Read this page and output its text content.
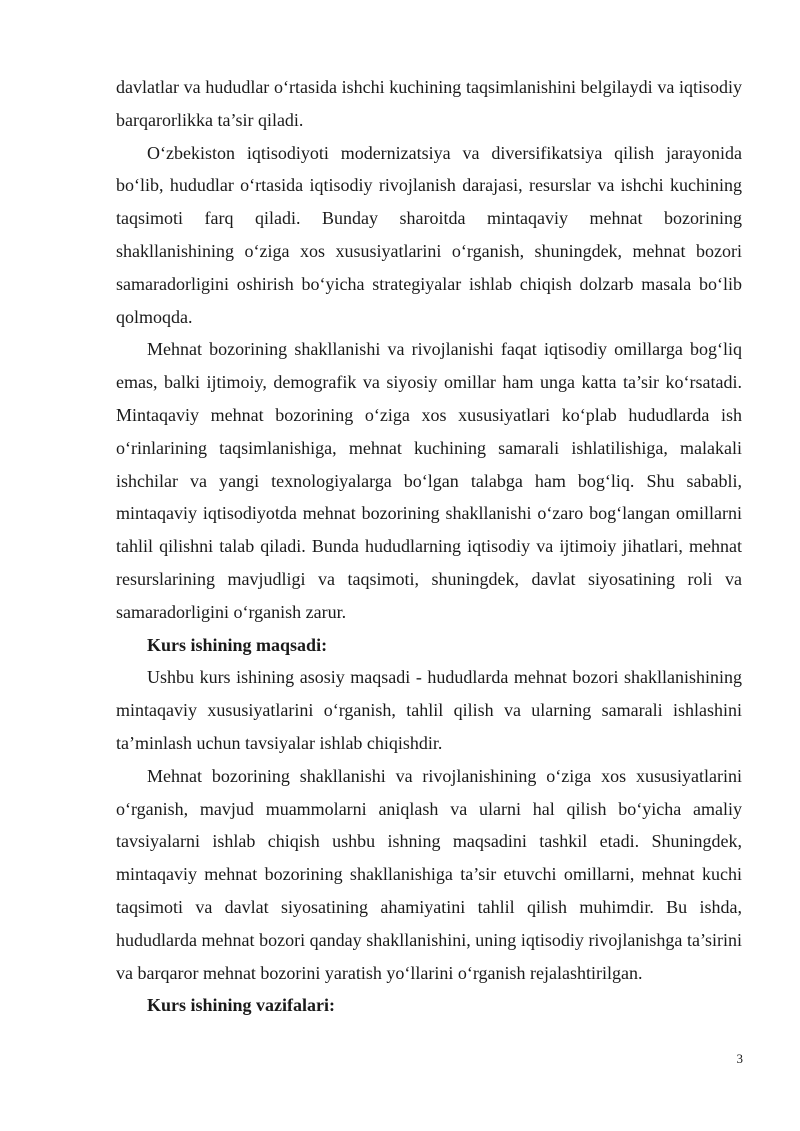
davlatlar va hududlar o‘rtasida ishchi kuchining taqsimlanishini belgilaydi va iqtisodiy barqarorlikka ta’sir qiladi.

O‘zbekiston iqtisodiyoti modernizatsiya va diversifikatsiya qilish jarayonida bo‘lib, hududlar o‘rtasida iqtisodiy rivojlanish darajasi, resurslar va ishchi kuchining taqsimoti farq qiladi. Bunday sharoitda mintaqaviy mehnat bozorining shakllanishining o‘ziga xos xususiyatlarini o‘rganish, shuningdek, mehnat bozori samaradorligini oshirish bo‘yicha strategiyalar ishlab chiqish dolzarb masala bo‘lib qolmoqda.

Mehnat bozorining shakllanishi va rivojlanishi faqat iqtisodiy omillarga bog‘liq emas, balki ijtimoiy, demografik va siyosiy omillar ham unga katta ta’sir ko‘rsatadi. Mintaqaviy mehnat bozorining o‘ziga xos xususiyatlari ko‘plab hududlarda ish o‘rinlarining taqsimlanishiga, mehnat kuchining samarali ishlatilishiga, malakali ishchilar va yangi texnologiyalarga bo‘lgan talabga ham bog‘liq. Shu sababli, mintaqaviy iqtisodiyotda mehnat bozorining shakllanishi o‘zaro bog‘langan omillarni tahlil qilishni talab qiladi. Bunda hududlarning iqtisodiy va ijtimoiy jihatlari, mehnat resurslarining mavjudligi va taqsimoti, shuningdek, davlat siyosatining roli va samaradorligini o‘rganish zarur.

Kurs ishining maqsadi:

Ushbu kurs ishining asosiy maqsadi - hududlarda mehnat bozori shakllanishining mintaqaviy xususiyatlarini o‘rganish, tahlil qilish va ularning samarali ishlashini ta’minlash uchun tavsiyalar ishlab chiqishdir.

Mehnat bozorining shakllanishi va rivojlanishining o‘ziga xos xususiyatlarini o‘rganish, mavjud muammolarni aniqlash va ularni hal qilish bo‘yicha amaliy tavsiyalarni ishlab chiqish ushbu ishning maqsadini tashkil etadi. Shuningdek, mintaqaviy mehnat bozorining shakllanishiga ta’sir etuvchi omillarni, mehnat kuchi taqsimoti va davlat siyosatining ahamiyatini tahlil qilish muhimdir. Bu ishda, hududlarda mehnat bozori qanday shakllanishini, uning iqtisodiy rivojlanishga ta’sirini va barqaror mehnat bozorini yaratish yo‘llarini o‘rganish rejalashtirilgan.

Kurs ishining vazifalari:

3
